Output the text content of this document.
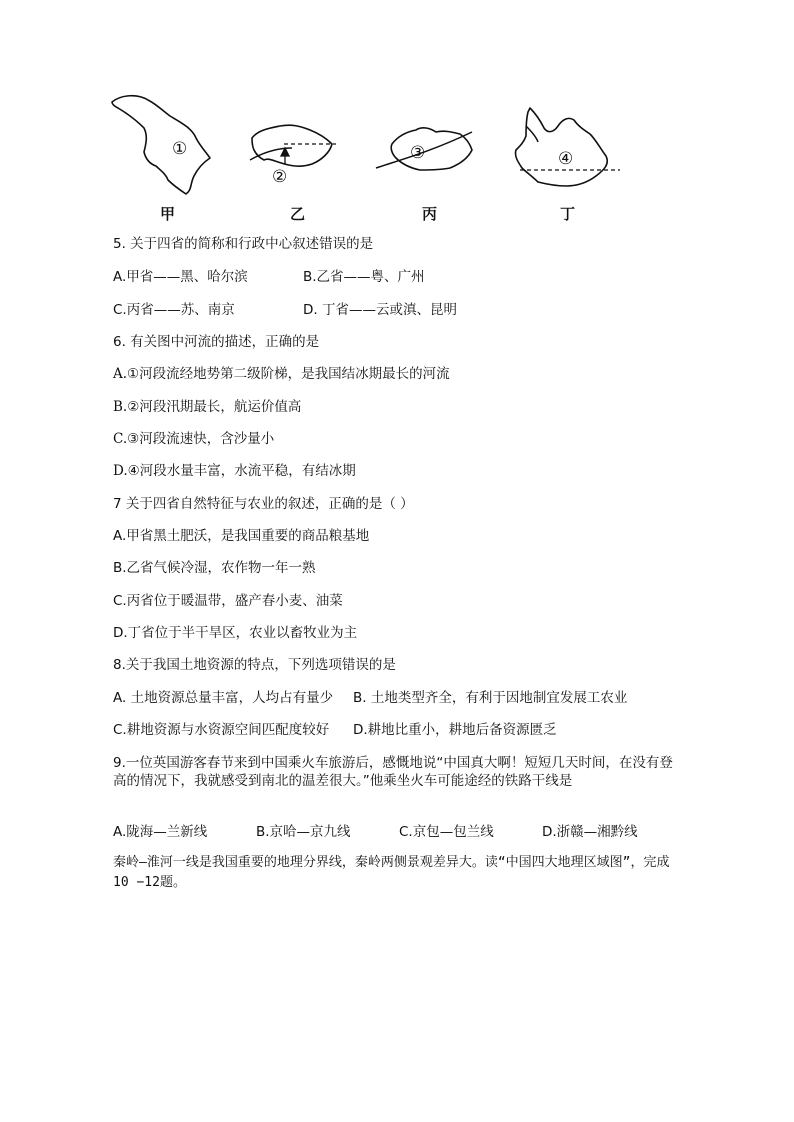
①
②
③	④
甲	乙	丙	丁
5. 关于四省的简称和行政中心叙述错误的是
A.甲省——黑、哈尔滨	B.乙省——粤、广州
C.丙省——苏、南京	D. 丁省——云或滇、昆明
6. 有关图中河流的描述，正确的是
A.①河段流经地势第二级阶梯，是我国结冰期最长的河流
B.②河段汛期最长，航运价值高
C.③河段流速快，含沙量小
D.④河段水量丰富，水流平稳，有结冰期
7 关于四省自然特征与农业的叙述，正确的是（ ）
A.甲省黑土肥沃，是我国重要的商品粮基地
B.乙省气候冷湿，农作物一年一熟
C.丙省位于暖温带，盛产春小麦、油菜
D.丁省位于半干旱区，农业以畜牧业为主
8.关于我国土地资源的特点，下列选项错误的是
A. 土地资源总量丰富，人均占有量少 B. 土地类型齐全，有利于因地制宜发展工农业
C.耕地资源与水资源空间匹配度较好 D.耕地比重小，耕地后备资源匮乏
9.一位英国游客春节来到中国乘火车旅游后，感慨地说“中国真大啊！短短几天时间，在没有登高的情况下，我就感受到南北的温差很大。”他乘坐火车可能途经的铁路干线是
A.陇海—兰新线	B.京哈—京九线	C.京包—包兰线	D.浙赣—湘黔线
秦岭—淮河一线是我国重要的地理分界线，秦岭两侧景观差异大。读“中国四大地理区域图”，完成10 −12题。
